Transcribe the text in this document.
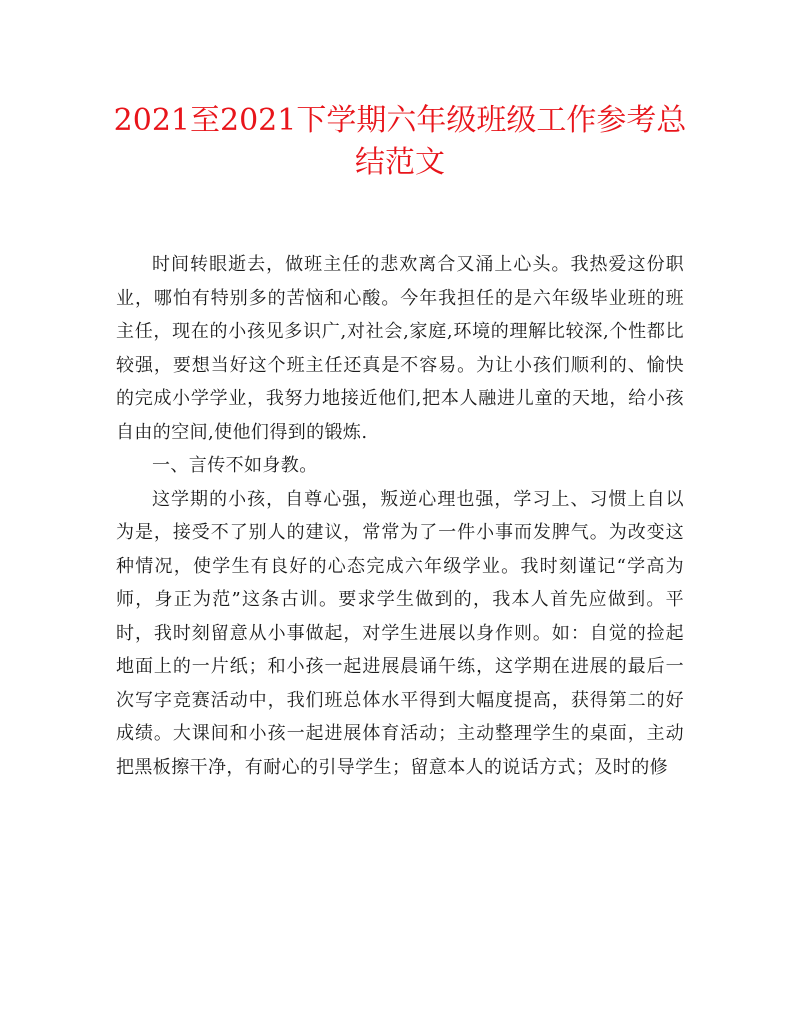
2021至2021下学期六年级班级工作参考总结范文

时间转眼逝去，做班主任的悲欢离合又涌上心头。我热爱这份职业，哪怕有特别多的苦恼和心酸。今年我担任的是六年级毕业班的班主任，现在的小孩见多识广,对社会,家庭,环境的理解比较深,个性都比较强，要想当好这个班主任还真是不容易。为让小孩们顺利的、愉快的完成小学学业，我努力地接近他们,把本人融进儿童的天地，给小孩自由的空间,使他们得到的锻炼.

一、言传不如身教。

这学期的小孩，自尊心强，叛逆心理也强，学习上、习惯上自以为是，接受不了别人的建议，常常为了一件小事而发脾气。为改变这种情况，使学生有良好的心态完成六年级学业。我时刻谨记“学高为师，身正为范”这条古训。要求学生做到的，我本人首先应做到。平时，我时刻留意从小事做起，对学生进展以身作则。如：自觉的捡起地面上的一片纸；和小孩一起进展晨诵午练，这学期在进展的最后一次写字竞赛活动中，我们班总体水平得到大幅度提高，获得第二的好成绩。大课间和小孩一起进展体育活动；主动整理学生的桌面，主动把黑板擦干净，有耐心的引导学生；留意本人的说话方式；及时的修
